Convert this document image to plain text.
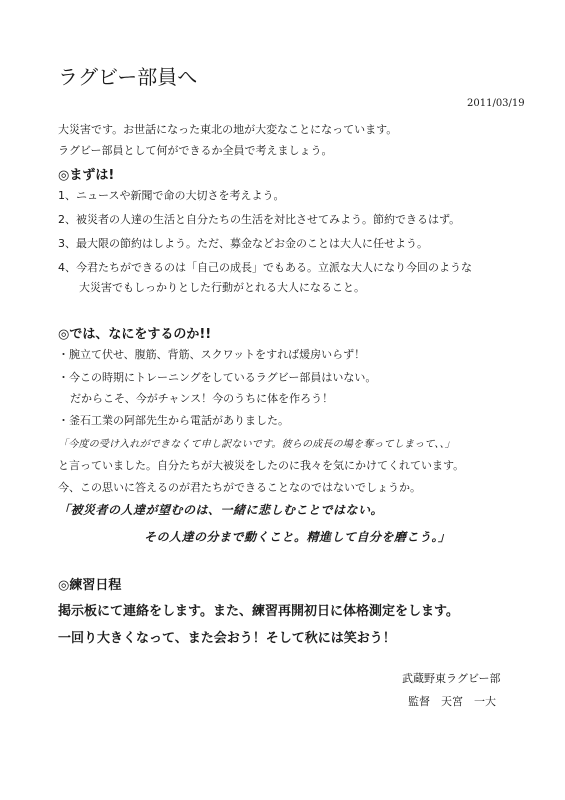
ラグビー部員へ
2011/03/19
大災害です。お世話になった東北の地が大変なことになっています。
ラグビー部員として何ができるか全員で考えましょう。
◎まずは!
1、ニュースや新聞で命の大切さを考えよう。
2、被災者の人達の生活と自分たちの生活を対比させてみよう。節約できるはず。
3、最大限の節約はしよう。ただ、募金などお金のことは大人に任せよう。
4、今君たちができるのは「自己の成長」でもある。立派な大人になり今回のような
大災害でもしっかりとした行動がとれる大人になること。
◎では、なにをするのか!!
・腕立て伏せ、腹筋、背筋、スクワットをすれば煖房いらず！
・今この時期にトレーニングをしているラグビー部員はいない。
だからこそ、今がチャンス！今のうちに体を作ろう！
・釜石工業の阿部先生から電話がありました。
「今度の受け入れができなくて申し訳ないです。彼らの成長の場を奪ってしまって、、」
と言っていました。自分たちが大被災をしたのに我々を気にかけてくれています。
今、この思いに答えるのが君たちができることなのではないでしょうか。
「被災者の人達が望むのは、一緒に悲しむことではない。
その人達の分まで動くこと。精進して自分を磨こう。」
◎練習日程
掲示板にて連絡をします。また、練習再開初日に体格測定をします。
一回り大きくなって、また会おう！そして秋には笑おう！
武蔵野東ラグビー部
監督　天宮　一大
